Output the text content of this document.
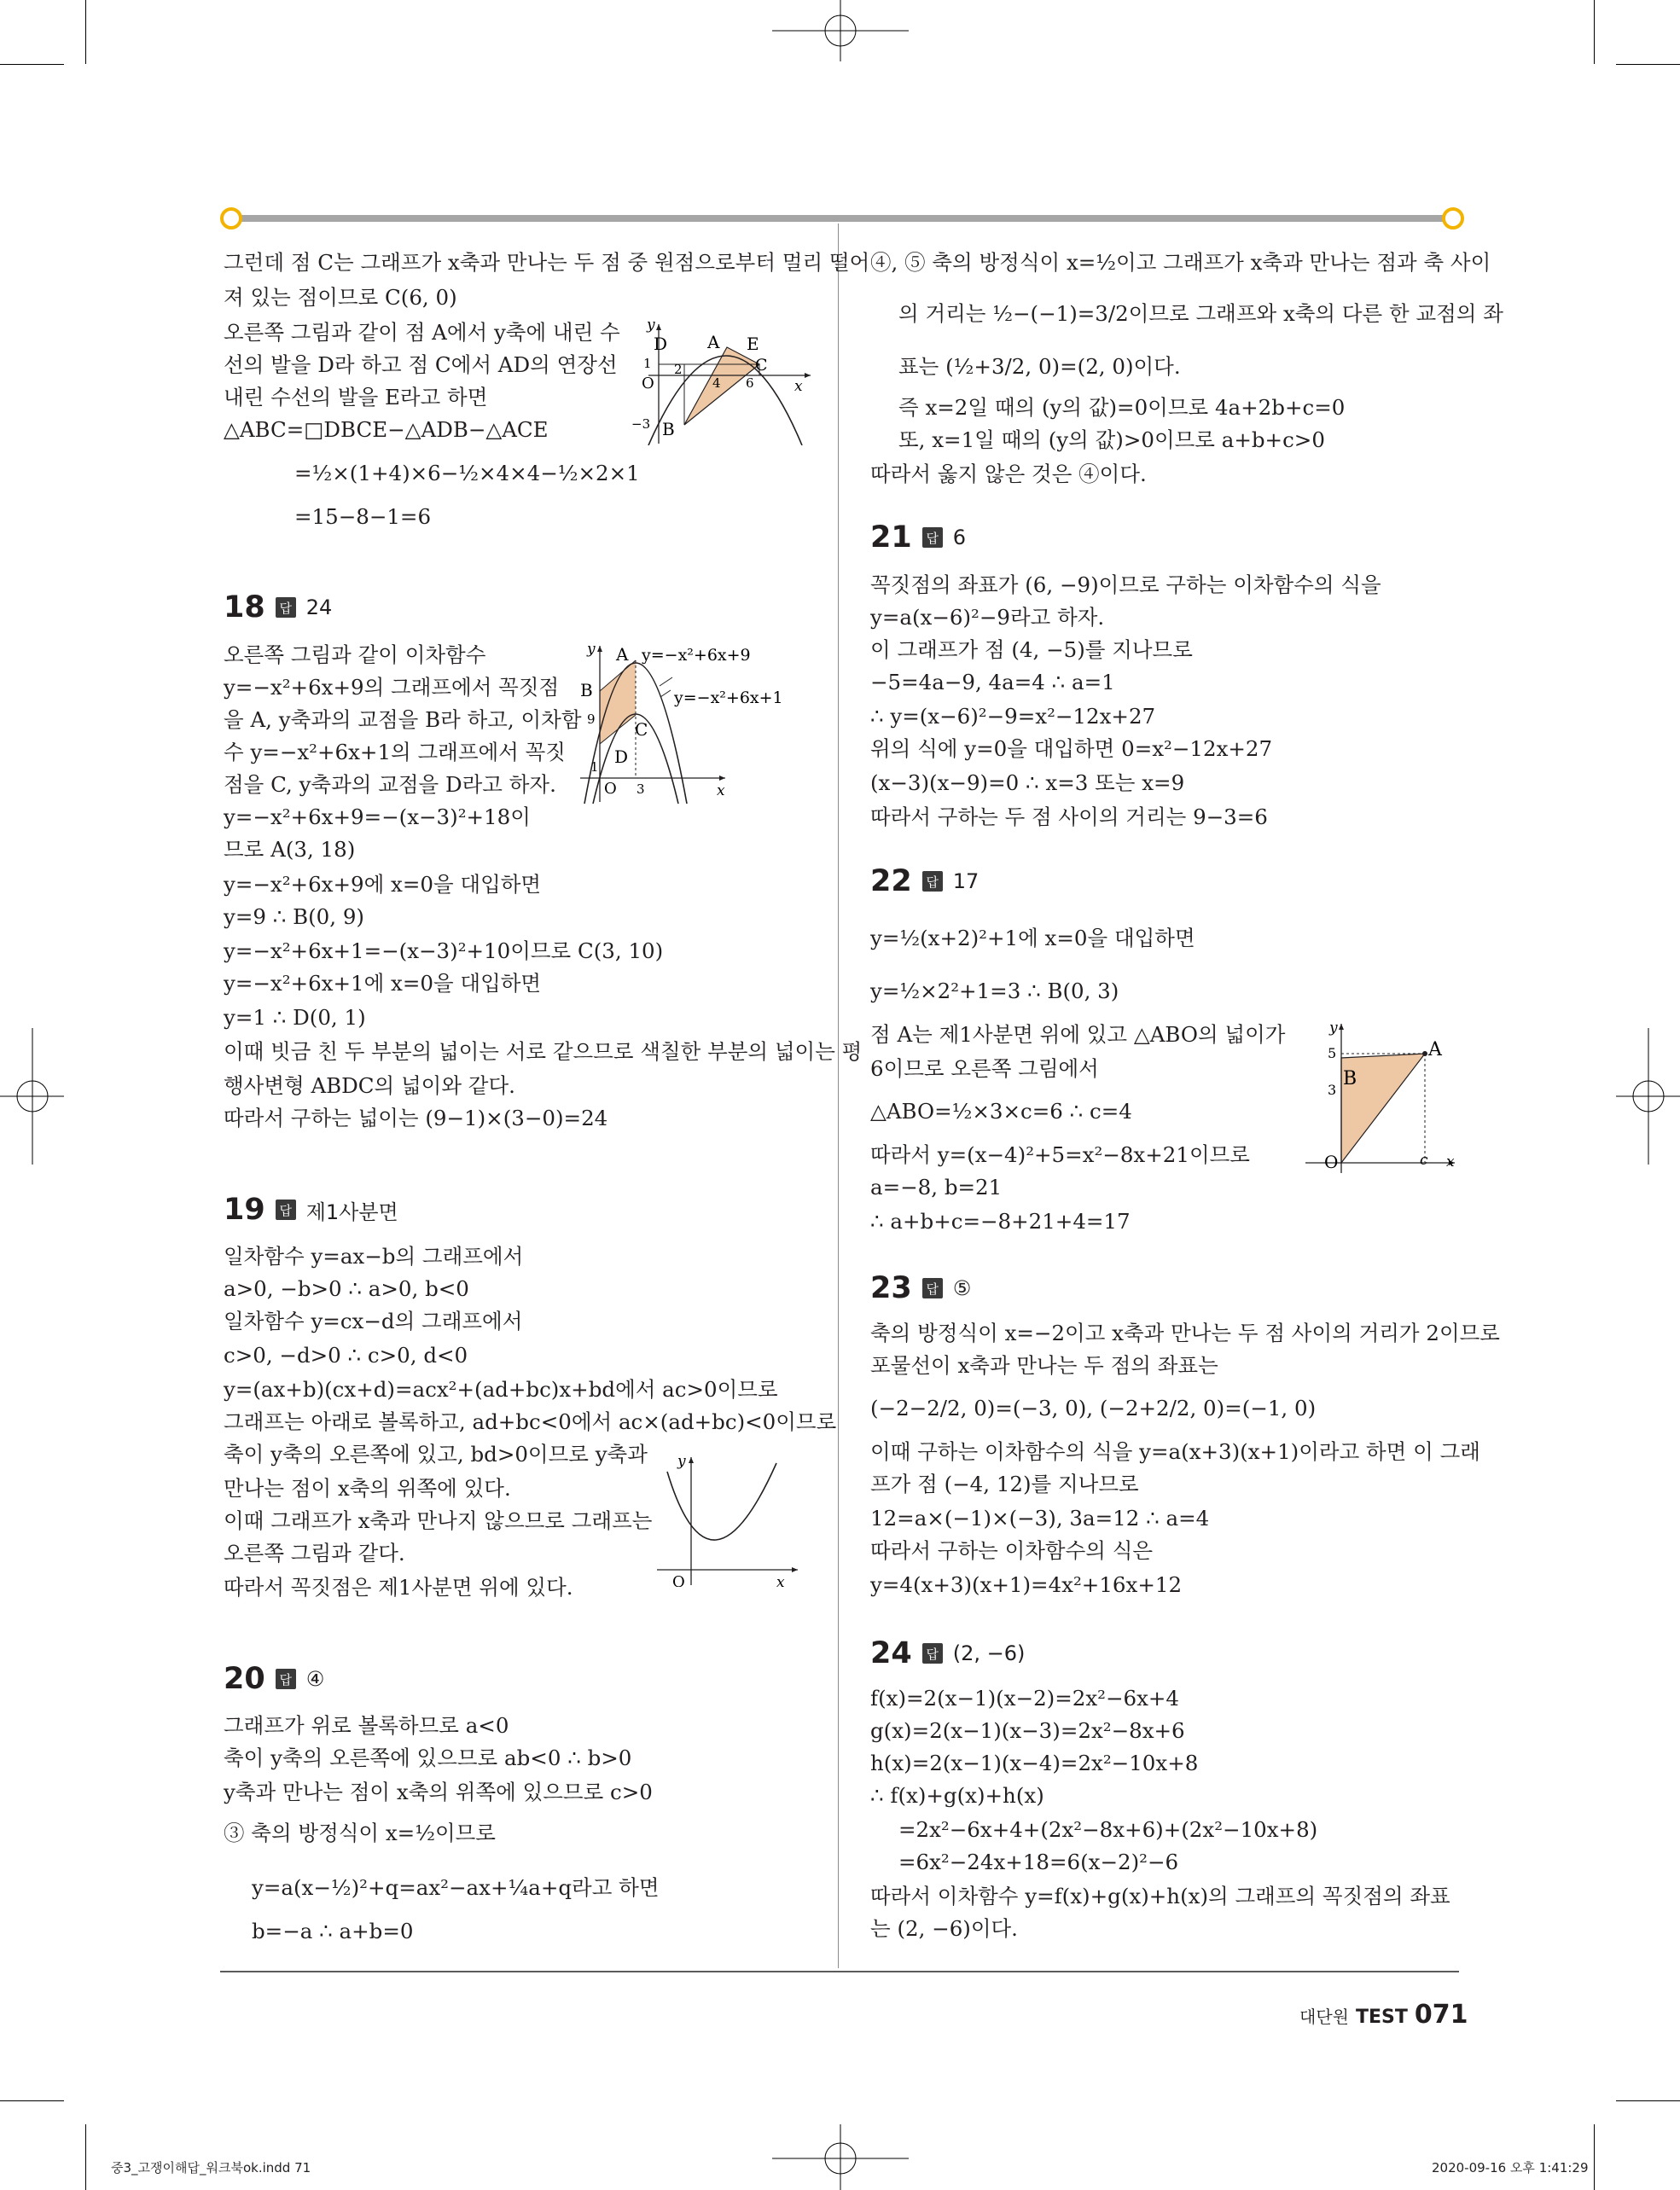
그런데 점 C는 그래프가 x축과 만나는 두 점 중 원점으로부터 멀리 떨어
져 있는 점이므로 C(6, 0)
오른쪽 그림과 같이 점 A에서 y축에 내린 수
선의 발을 D라 하고 점 C에서 AD의 연장선
내린 수선의 발을 E라고 하면
△ABC=□DBCE−△ADB−△ACE
=½×(1+4)×6−½×4×4−½×2×1
=15−8−1=6
y
x
O
D A E
C
B
1 2
4 6
−3
18	답 24
오른쪽 그림과 같이 이차함수
y=−x²+6x+9의 그래프에서 꼭짓점
을 A, y축과의 교점을 B라 하고, 이차함
수 y=−x²+6x+1의 그래프에서 꼭짓
점을 C, y축과의 교점을 D라고 하자.
y=−x²+6x+9=−(x−3)²+18이
므로 A(3, 18)
y=−x²+6x+9에 x=0을 대입하면
y=9 ∴ B(0, 9)
y=−x²+6x+1=−(x−3)²+10이므로 C(3, 10)
y=−x²+6x+1에 x=0을 대입하면
y=1 ∴ D(0, 1)
이때 빗금 친 두 부분의 넓이는 서로 같으므로 색칠한 부분의 넓이는 평
행사변형 ABDC의 넓이와 같다.
따라서 구하는 넓이는 (9−1)×(3−0)=24
y
x
O
A
B
C
D
9
1
3
y=−x²+6x+9
y=−x²+6x+1
19	답 제1사분면
일차함수 y=ax−b의 그래프에서
a>0, −b>0 ∴ a>0, b<0
일차함수 y=cx−d의 그래프에서
c>0, −d>0 ∴ c>0, d<0
y=(ax+b)(cx+d)=acx²+(ad+bc)x+bd에서 ac>0이므로
그래프는 아래로 볼록하고, ad+bc<0에서 ac×(ad+bc)<0이므로
축이 y축의 오른쪽에 있고, bd>0이므로 y축과
만나는 점이 x축의 위쪽에 있다.
이때 그래프가 x축과 만나지 않으므로 그래프는
오른쪽 그림과 같다.
따라서 꼭짓점은 제1사분면 위에 있다.
y
x
O
20	답 ④
그래프가 위로 볼록하므로 a<0
축이 y축의 오른쪽에 있으므로 ab<0 ∴ b>0
y축과 만나는 점이 x축의 위쪽에 있으므로 c>0
③ 축의 방정식이 x=½이므로
y=a(x−½)²+q=ax²−ax+¼a+q라고 하면
b=−a ∴ a+b=0
④, ⑤ 축의 방정식이 x=½이고 그래프가 x축과 만나는 점과 축 사이
의 거리는 ½−(−1)=3/2이므로 그래프와 x축의 다른 한 교점의 좌
표는 (½+3/2, 0)=(2, 0)이다.
즉 x=2일 때의 (y의 값)=0이므로 4a+2b+c=0
또, x=1일 때의 (y의 값)>0이므로 a+b+c>0
따라서 옳지 않은 것은 ④이다.
21	답 6
꼭짓점의 좌표가 (6, −9)이므로 구하는 이차함수의 식을
y=a(x−6)²−9라고 하자.
이 그래프가 점 (4, −5)를 지나므로
−5=4a−9, 4a=4 ∴ a=1
∴ y=(x−6)²−9=x²−12x+27
위의 식에 y=0을 대입하면 0=x²−12x+27
(x−3)(x−9)=0 ∴ x=3 또는 x=9
따라서 구하는 두 점 사이의 거리는 9−3=6
22	답 17
y=½(x+2)²+1에 x=0을 대입하면
y=½×2²+1=3 ∴ B(0, 3)
점 A는 제1사분면 위에 있고 △ABO의 넓이가
6이므로 오른쪽 그림에서
△ABO=½×3×c=6 ∴ c=4
따라서 y=(x−4)²+5=x²−8x+21이므로
a=−8, b=21
∴ a+b+c=−8+21+4=17
y
x
O
A
B
c
5
3
23	답 ⑤
축의 방정식이 x=−2이고 x축과 만나는 두 점 사이의 거리가 2이므로
포물선이 x축과 만나는 두 점의 좌표는
(−2−2/2, 0)=(−3, 0), (−2+2/2, 0)=(−1, 0)
이때 구하는 이차함수의 식을 y=a(x+3)(x+1)이라고 하면 이 그래
프가 점 (−4, 12)를 지나므로
12=a×(−1)×(−3), 3a=12 ∴ a=4
따라서 구하는 이차함수의 식은
y=4(x+3)(x+1)=4x²+16x+12
24	답 (2, −6)
f(x)=2(x−1)(x−2)=2x²−6x+4
g(x)=2(x−1)(x−3)=2x²−8x+6
h(x)=2(x−1)(x−4)=2x²−10x+8
∴ f(x)+g(x)+h(x)
=2x²−6x+4+(2x²−8x+6)+(2x²−10x+8)
=6x²−24x+18=6(x−2)²−6
따라서 이차함수 y=f(x)+g(x)+h(x)의 그래프의 꼭짓점의 좌표
는 (2, −6)이다.
대단원 TEST 071
중3_고쟁이해답_워크북ok.indd 71	2020-09-16 오후 1:41:29
